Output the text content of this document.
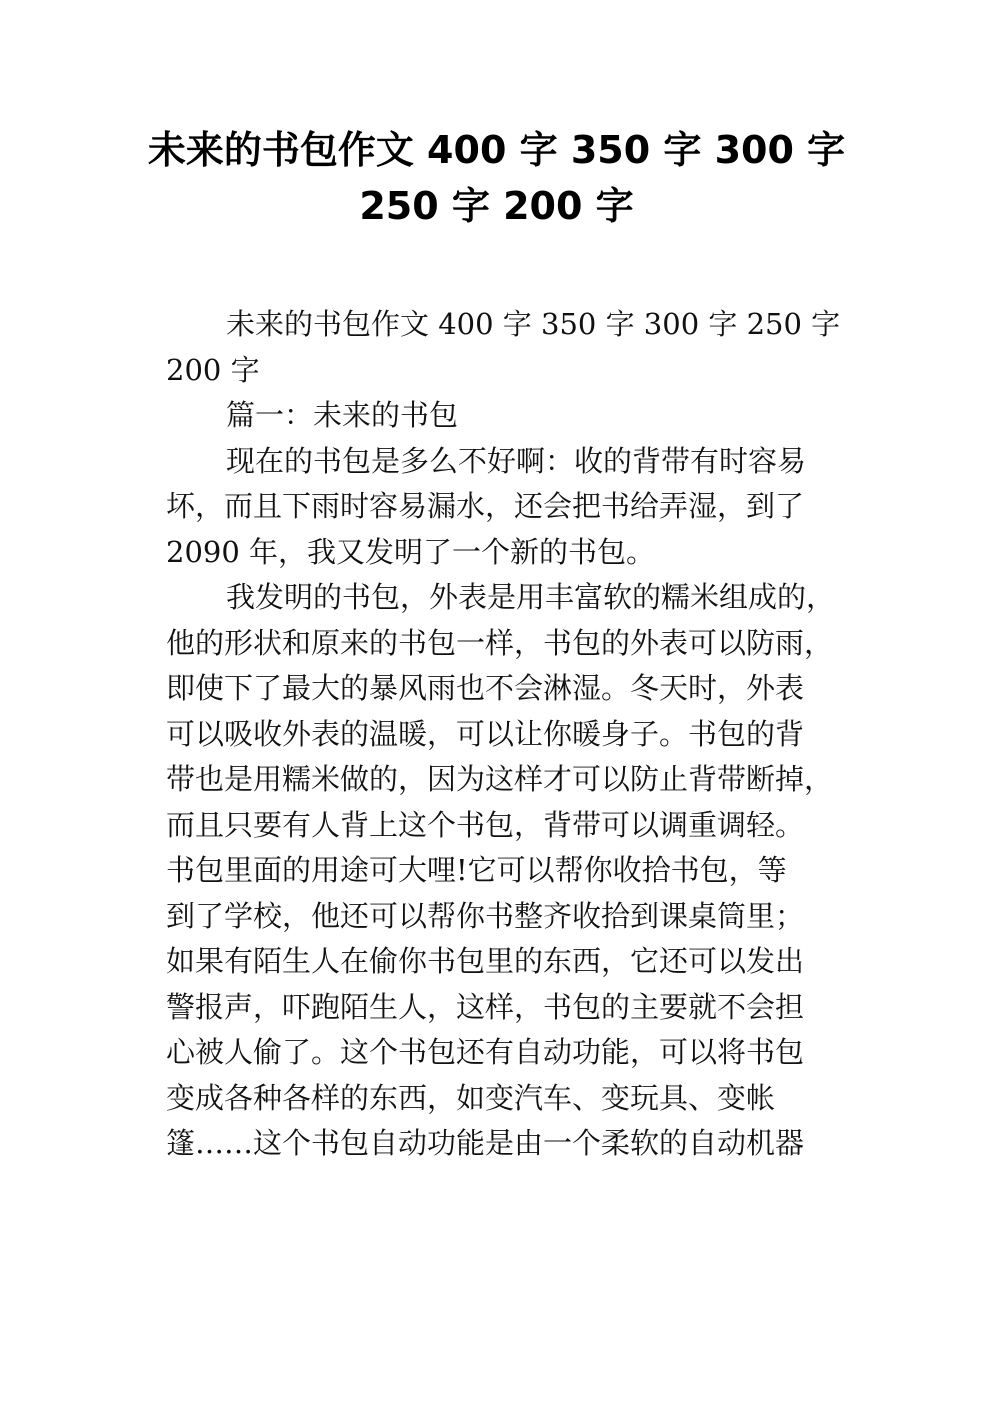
未来的书包作文 400 字 350 字 300 字
250 字 200 字
未来的书包作文 400 字 350 字 300 字 250 字
200 字
篇一：未来的书包
现在的书包是多么不好啊：收的背带有时容易
坏，而且下雨时容易漏水，还会把书给弄湿，到了
2090 年，我又发明了一个新的书包。
我发明的书包，外表是用丰富软的糯米组成的，
他的形状和原来的书包一样，书包的外表可以防雨，
即使下了最大的暴风雨也不会淋湿。冬天时，外表
可以吸收外表的温暖，可以让你暖身子。书包的背
带也是用糯米做的，因为这样才可以防止背带断掉，
而且只要有人背上这个书包，背带可以调重调轻。
书包里面的用途可大哩!它可以帮你收拾书包，等
到了学校，他还可以帮你书整齐收拾到课桌筒里；
如果有陌生人在偷你书包里的东西，它还可以发出
警报声，吓跑陌生人，这样，书包的主要就不会担
心被人偷了。这个书包还有自动功能，可以将书包
变成各种各样的东西，如变汽车、变玩具、变帐
篷……这个书包自动功能是由一个柔软的自动机器
